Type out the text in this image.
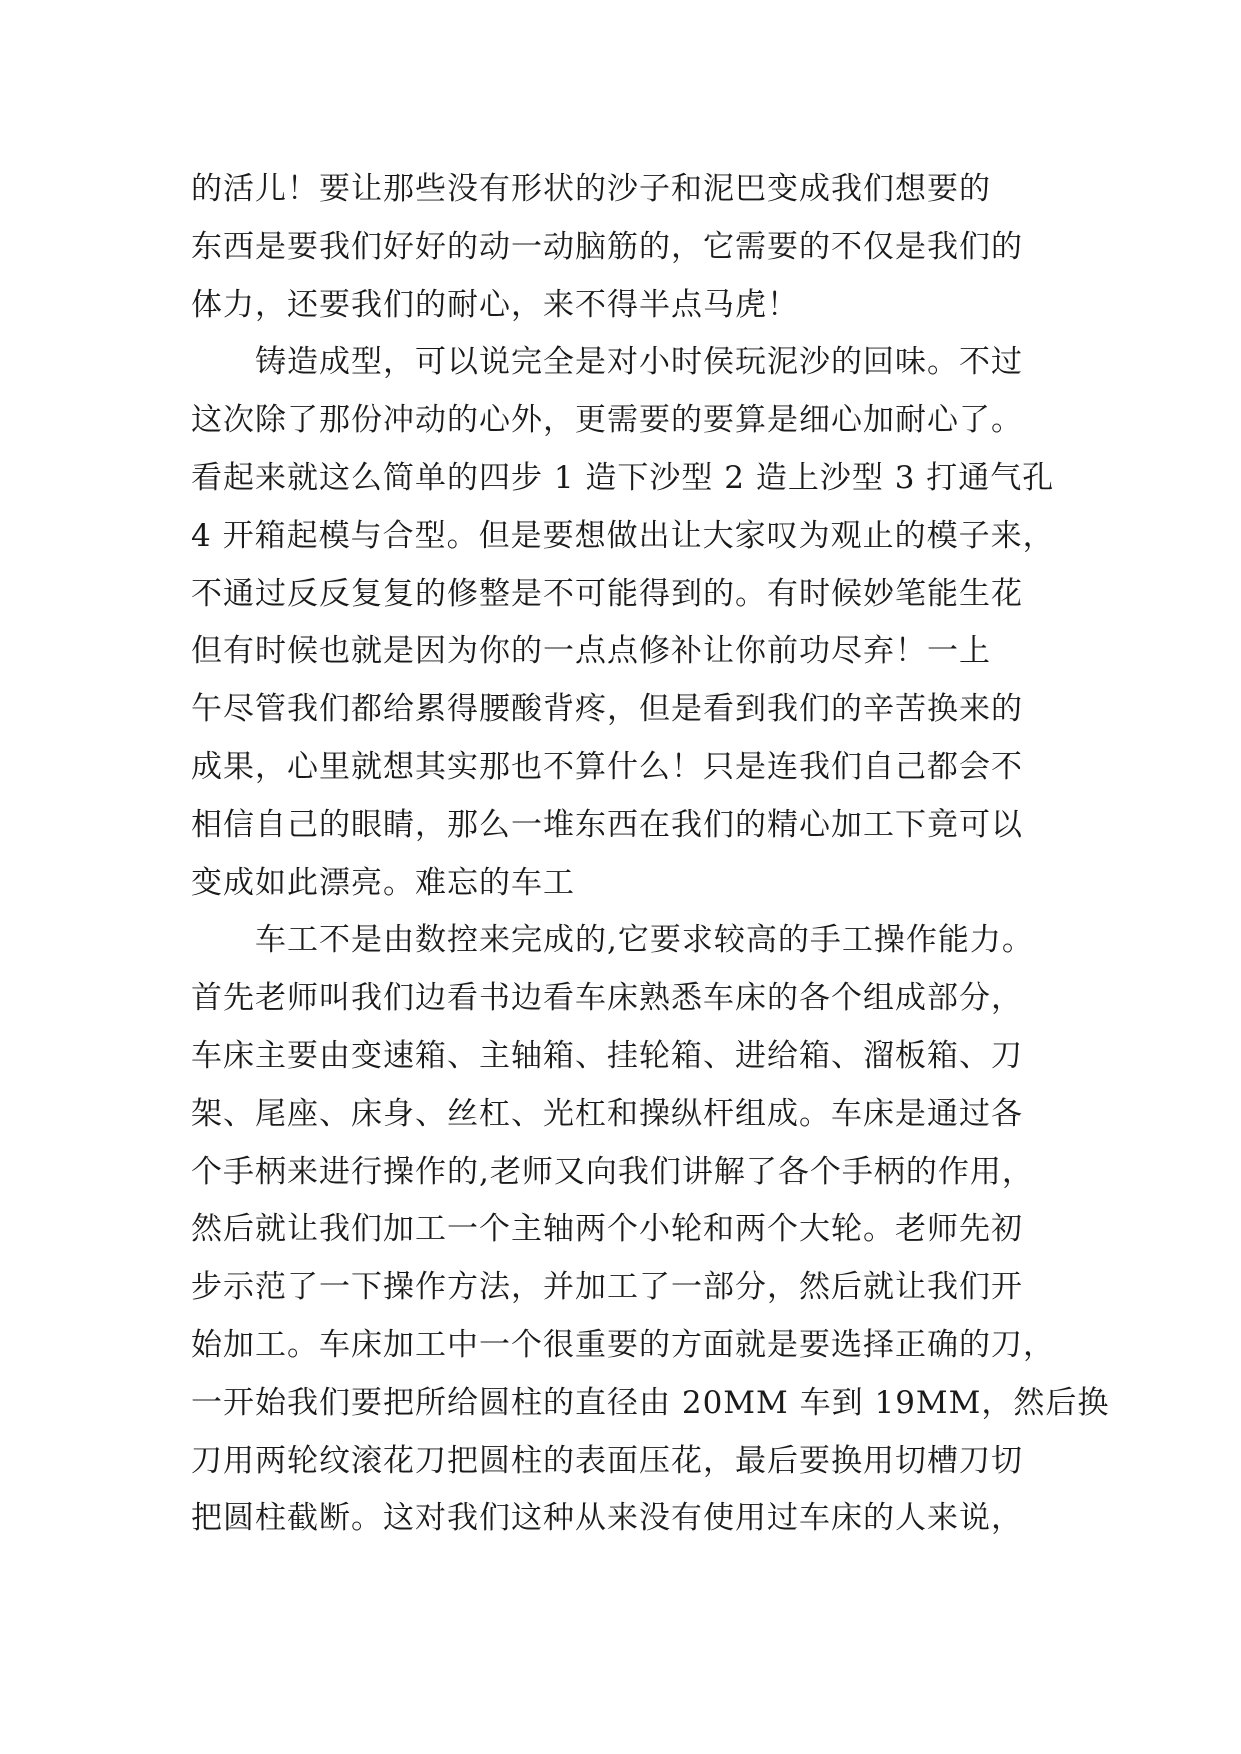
的活儿！要让那些没有形状的沙子和泥巴变成我们想要的
东西是要我们好好的动一动脑筋的，它需要的不仅是我们的
体力，还要我们的耐心，来不得半点马虎！
铸造成型，可以说完全是对小时侯玩泥沙的回味。不过
这次除了那份冲动的心外，更需要的要算是细心加耐心了。
看起来就这么简单的四步 1 造下沙型 2 造上沙型 3 打通气孔
4 开箱起模与合型。但是要想做出让大家叹为观止的模子来，
不通过反反复复的修整是不可能得到的。有时候妙笔能生花
但有时候也就是因为你的一点点修补让你前功尽弃！一上
午尽管我们都给累得腰酸背疼，但是看到我们的辛苦换来的
成果，心里就想其实那也不算什么！只是连我们自己都会不
相信自己的眼睛，那么一堆东西在我们的精心加工下竟可以
变成如此漂亮。难忘的车工
车工不是由数控来完成的,它要求较高的手工操作能力。
首先老师叫我们边看书边看车床熟悉车床的各个组成部分，
车床主要由变速箱、主轴箱、挂轮箱、进给箱、溜板箱、刀
架、尾座、床身、丝杠、光杠和操纵杆组成。车床是通过各
个手柄来进行操作的,老师又向我们讲解了各个手柄的作用，
然后就让我们加工一个主轴两个小轮和两个大轮。老师先初
步示范了一下操作方法，并加工了一部分，然后就让我们开
始加工。车床加工中一个很重要的方面就是要选择正确的刀，
一开始我们要把所给圆柱的直径由 20MM 车到 19MM，然后换
刀用两轮纹滚花刀把圆柱的表面压花，最后要换用切槽刀切
把圆柱截断。这对我们这种从来没有使用过车床的人来说，
